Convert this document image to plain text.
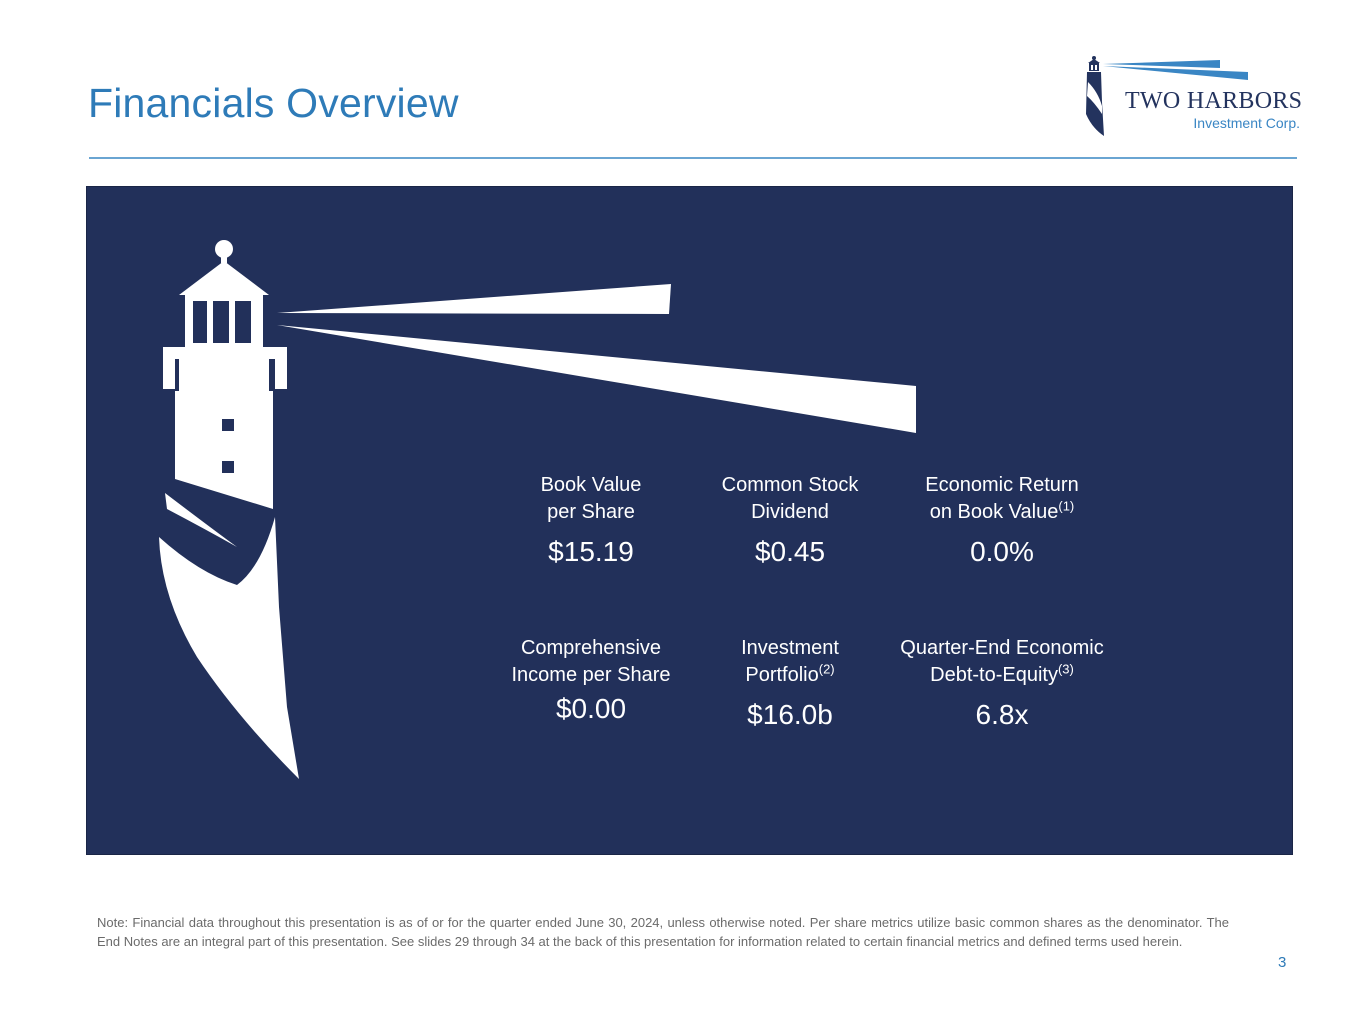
Financials Overview	TWO HARBORS
Investment Corp.
Book Value
per Share
$15.19
Common Stock
Dividend
$0.45
Economic Return
on Book Value$^{(1)}$
0.0%
Comprehensive
Income per Share
$0.00
Investment
Portfolio$^{(2)}$
$16.0b
Quarter-End Economic
Debt-to-Equity$^{(3)}$
6.8x
Note: Financial data throughout this presentation is as of or for the quarter ended June 30, 2024, unless otherwise noted. Per share metrics utilize basic common shares as the denominator. The End Notes are an integral part of this presentation. See slides 29 through 34 at the back of this presentation for information related to certain financial metrics and defined terms used herein.
3
